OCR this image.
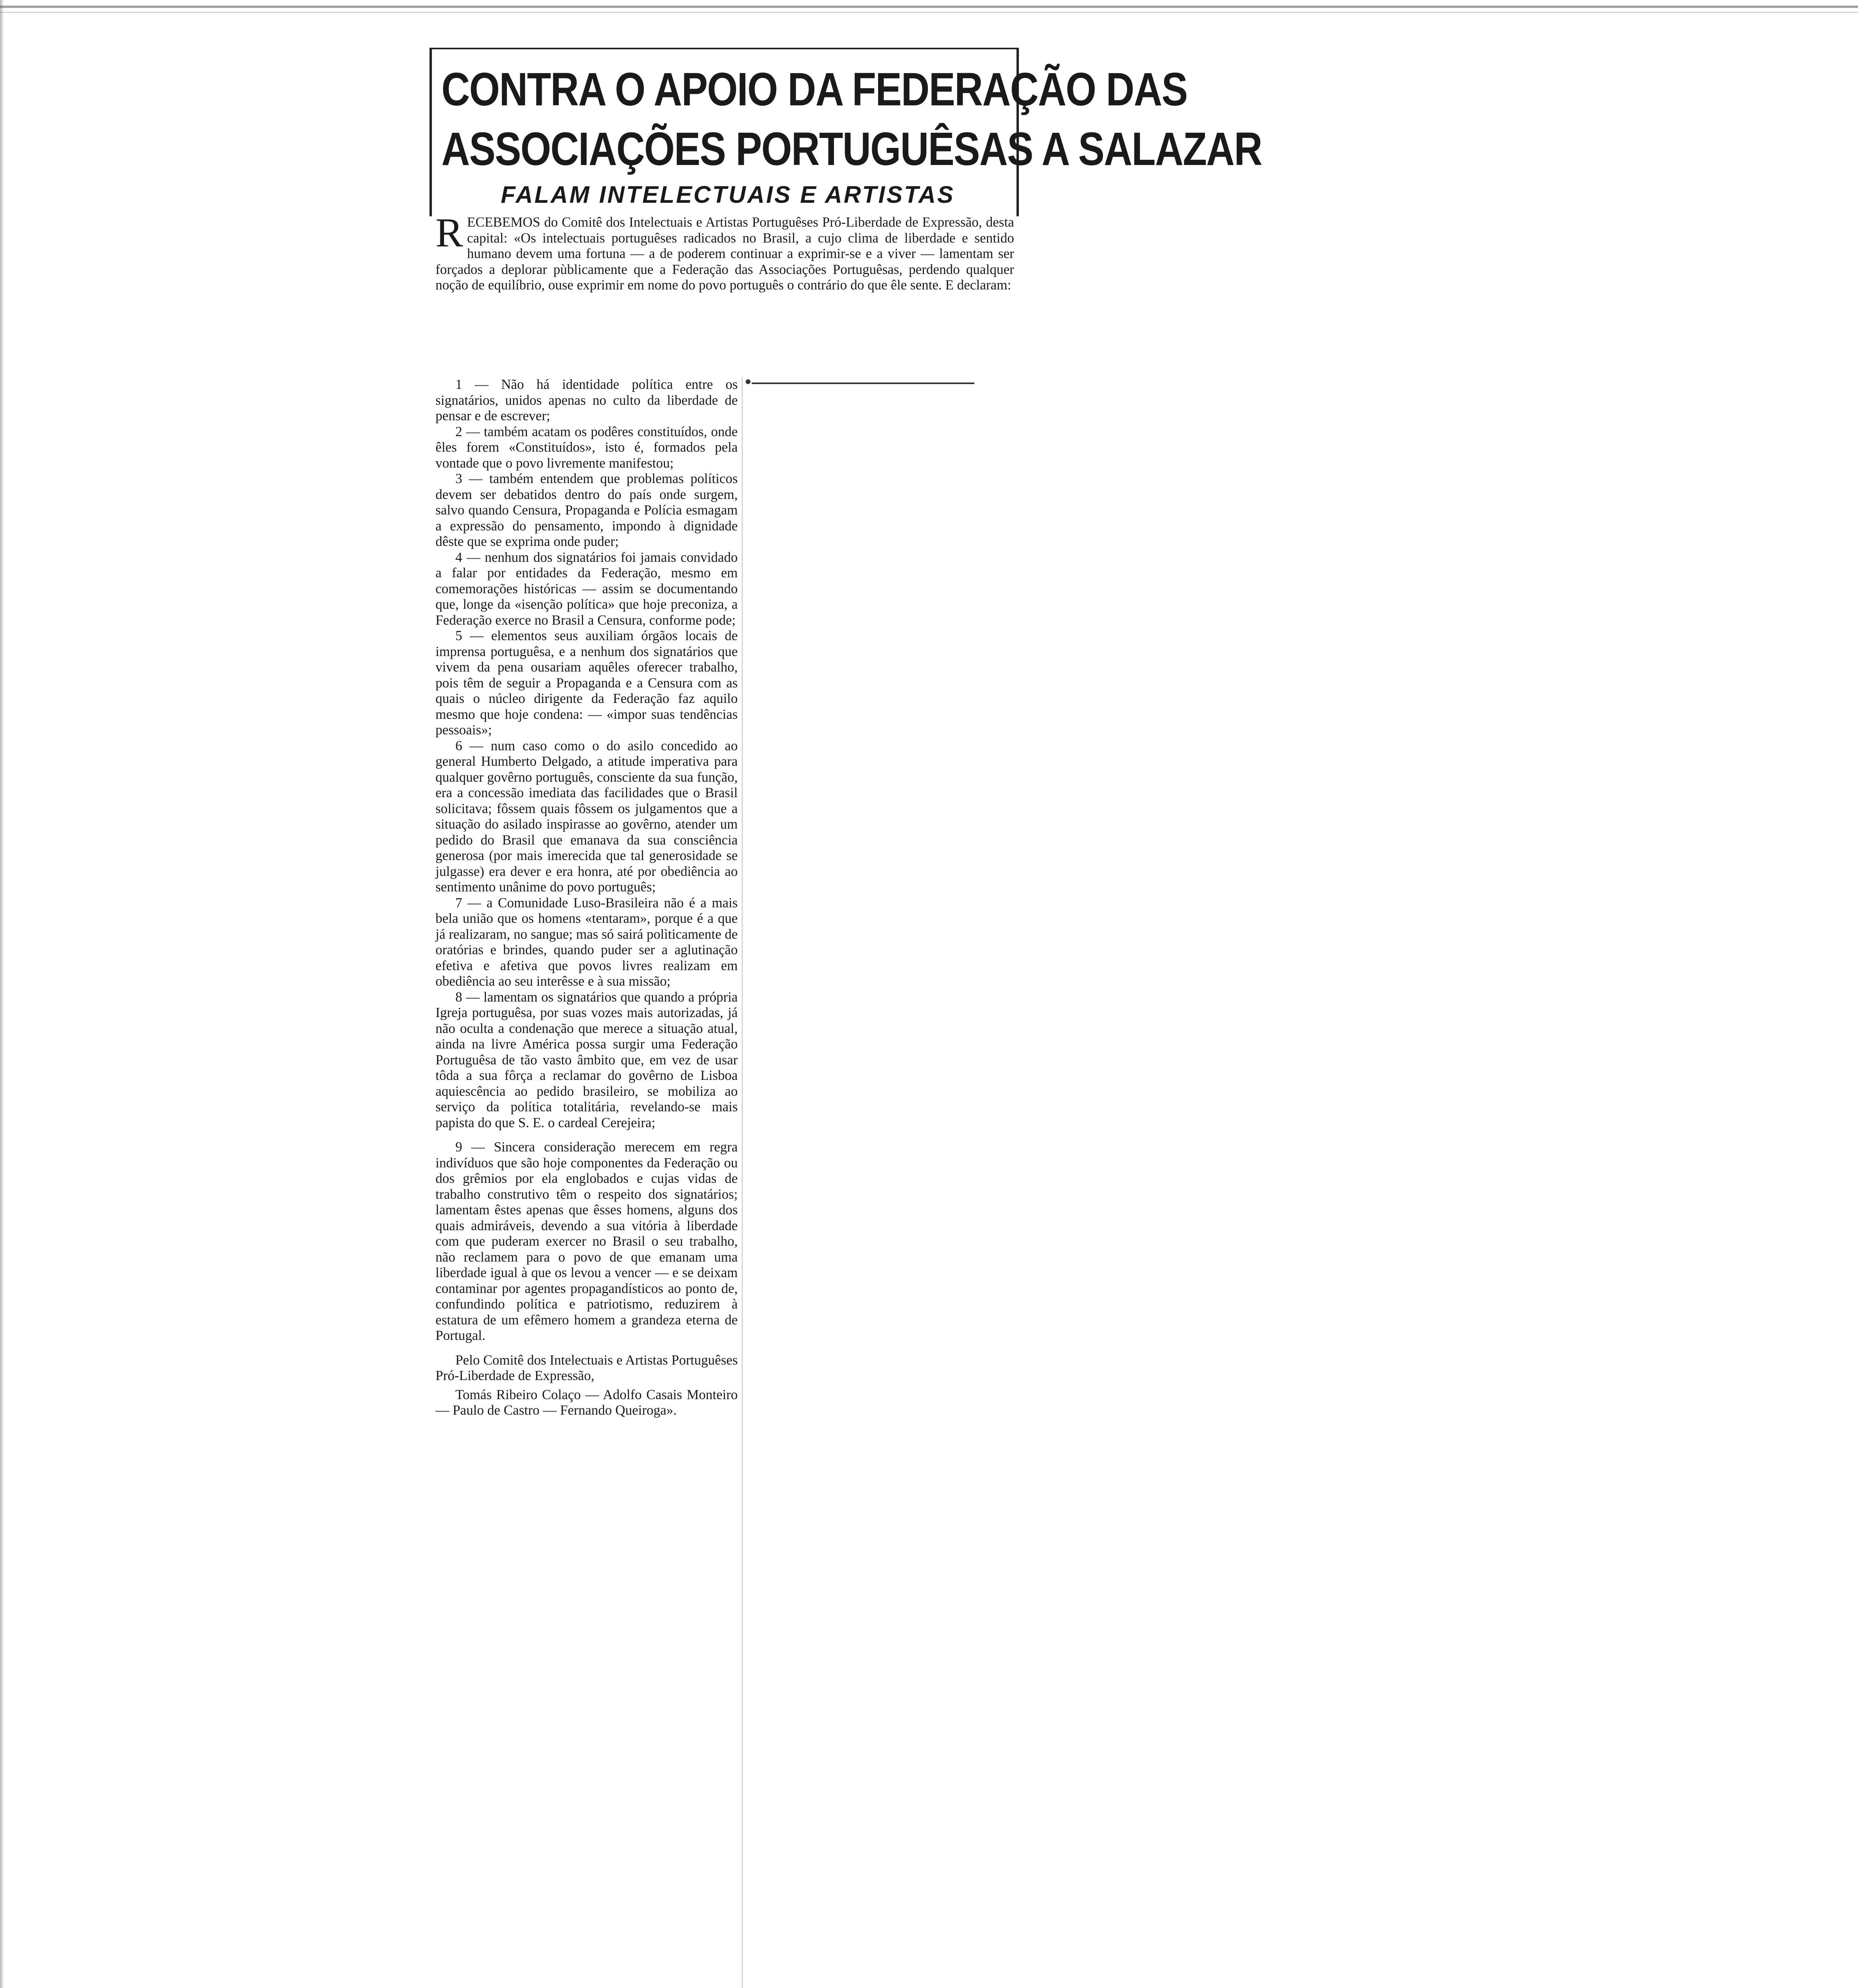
CONTRA O APOIO DA FEDERAÇÃO DAS
ASSOCIAÇÕES PORTUGUÊSAS A SALAZAR
FALAM INTELECTUAIS E ARTISTAS
RECEBEMOS do Comitê dos Intelectuais e Artistas Portuguêses Pró-Liberdade de Expressão, desta capital: «Os intelectuais portuguêses radicados no Brasil, a cujo clima de liberdade e sentido humano devem uma fortuna — a de poderem continuar a exprimir-se e a viver — lamentam ser forçados a deplorar pùblicamente que a Federação das Associações Portuguêsas, perdendo qualquer noção de equilíbrio, ouse exprimir em nome do povo português o contrário do que êle sente. E declaram:

1 — Não há identidade política entre os signatários, unidos apenas no culto da liberdade de pensar e de escrever;

2 — também acatam os podêres constituídos, onde êles forem «Constituídos», isto é, formados pela vontade que o povo livremente manifestou;

3 — também entendem que problemas políticos devem ser debatidos dentro do país onde surgem, salvo quando Censura, Propaganda e Polícia esmagam a expressão do pensamento, impondo à dignidade dêste que se exprima onde puder;

4 — nenhum dos signatários foi jamais convidado a falar por entidades da Federação, mesmo em comemorações históricas — assim se documentando que, longe da «isenção política» que hoje preconiza, a Federação exerce no Brasil a Censura, conforme pode;

5 — elementos seus auxiliam órgãos locais de imprensa portuguêsa, e a nenhum dos signatários que vivem da pena ousariam aquêles oferecer trabalho, pois têm de seguir a Propaganda e a Censura com as quais o núcleo dirigente da Federação faz aquilo mesmo que hoje condena: — «impor suas tendências pessoais»;

6 — num caso como o do asilo concedido ao general Humberto Delgado, a atitude imperativa para qualquer govêrno português, consciente da sua função, era a concessão imediata das facilidades que o Brasil solicitava; fôssem quais fôssem os julgamentos que a situação do asilado inspirasse ao govêrno, atender um pedido do Brasil que emanava da sua consciência generosa (por mais imerecida que tal generosidade se julgasse) era dever e era honra, até por obediência ao sentimento unânime do povo português;

7 — a Comunidade Luso-Brasileira não é a mais bela união que os homens «tentaram», porque é a que já realizaram, no sangue; mas só sairá polìticamente de oratórias e brindes, quando puder ser a aglutinação efetiva e afetiva que povos livres realizam em obediência ao seu interêsse e à sua missão;

8 — lamentam os signatários que quando a própria Igreja portuguêsa, por suas vozes mais autorizadas, já não oculta a condenação que merece a situação atual, ainda na livre América possa surgir uma Federação Portuguêsa de tão vasto âmbito que, em vez de usar tôda a sua fôrça a reclamar do govêrno de Lisboa aquiescência ao pedido brasileiro, se mobiliza ao serviço da política totalitária, revelando-se mais papista do que S. E. o cardeal Cerejeira;

9 — Sincera consideração merecem em regra indivíduos que são hoje componentes da Federação ou dos grêmios por ela englobados e cujas vidas de trabalho construtivo têm o respeito dos signatários; lamentam êstes apenas que êsses homens, alguns dos quais admiráveis, devendo a sua vitória à liberdade com que puderam exercer no Brasil o seu trabalho, não reclamem para o povo de que emanam uma liberdade igual à que os levou a vencer — e se deixam contaminar por agentes propagandísticos ao ponto de, confundindo política e patriotismo, reduzirem à estatura de um efêmero homem a grandeza eterna de Portugal.

Pelo Comitê dos Intelectuais e Artistas Portuguêses Pró-Liberdade de Expressão,

Tomás Ribeiro Colaço — Adolfo Casais Monteiro — Paulo de Castro — Fernando Queiroga».
